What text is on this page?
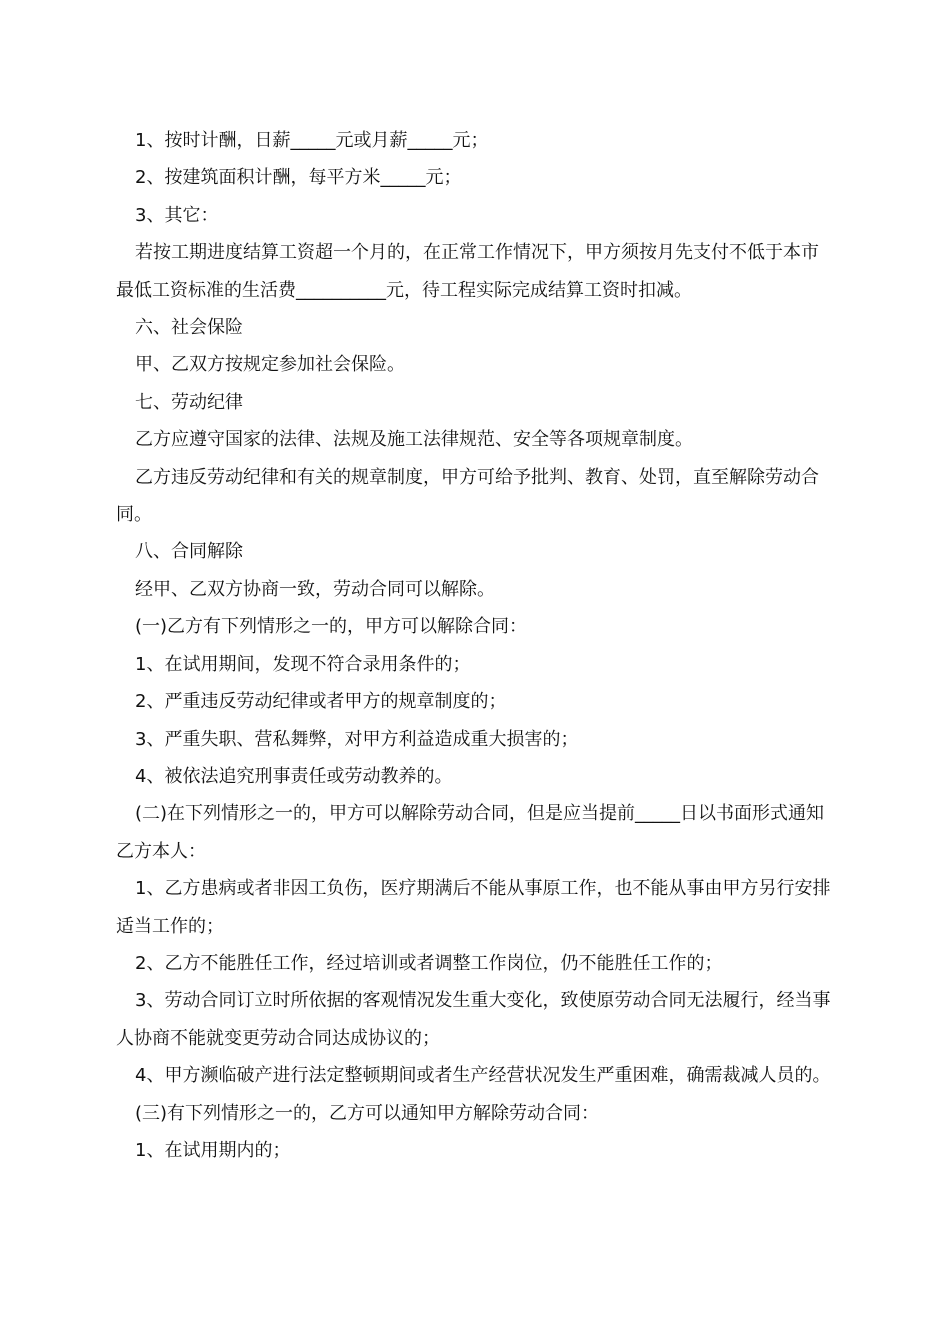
1、按时计酬，日薪_____元或月薪_____元；

2、按建筑面积计酬，每平方米_____元；

3、其它：

若按工期进度结算工资超一个月的，在正常工作情况下，甲方须按月先支付不低于本市最低工资标准的生活费__________元，待工程实际完成结算工资时扣减。

六、社会保险

甲、乙双方按规定参加社会保险。

七、劳动纪律

乙方应遵守国家的法律、法规及施工法律规范、安全等各项规章制度。

乙方违反劳动纪律和有关的规章制度，甲方可给予批判、教育、处罚，直至解除劳动合同。

八、合同解除

经甲、乙双方协商一致，劳动合同可以解除。

(一)乙方有下列情形之一的，甲方可以解除合同：

1、在试用期间，发现不符合录用条件的；

2、严重违反劳动纪律或者甲方的规章制度的；

3、严重失职、营私舞弊，对甲方利益造成重大损害的；

4、被依法追究刑事责任或劳动教养的。

(二)在下列情形之一的，甲方可以解除劳动合同，但是应当提前_____日以书面形式通知乙方本人：

1、乙方患病或者非因工负伤，医疗期满后不能从事原工作，也不能从事由甲方另行安排适当工作的；

2、乙方不能胜任工作，经过培训或者调整工作岗位，仍不能胜任工作的；

3、劳动合同订立时所依据的客观情况发生重大变化，致使原劳动合同无法履行，经当事人协商不能就变更劳动合同达成协议的；

4、甲方濒临破产进行法定整顿期间或者生产经营状况发生严重困难，确需裁减人员的。

(三)有下列情形之一的，乙方可以通知甲方解除劳动合同：

1、在试用期内的；
